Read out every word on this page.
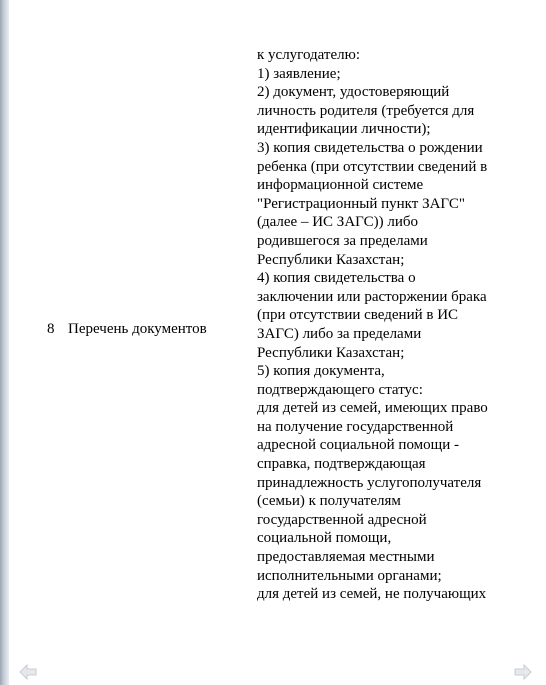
8 Перечень документов
к услугодателю:
1) заявление;
2) документ, удостоверяющий
личность родителя (требуется для
идентификации личности);
3) копия свидетельства о рождении
ребенка (при отсутствии сведений в
информационной системе
"Регистрационный пункт ЗАГС"
(далее – ИС ЗАГС)) либо
родившегося за пределами
Республики Казахстан;
4) копия свидетельства о
заключении или расторжении брака
(при отсутствии сведений в ИС
ЗАГС) либо за пределами
Республики Казахстан;
5) копия документа,
подтверждающего статус:
для детей из семей, имеющих право
на получение государственной
адресной социальной помощи -
справка, подтверждающая
принадлежность услугополучателя
(семьи) к получателям
государственной адресной
социальной помощи,
предоставляемая местными
исполнительными органами;
для детей из семей, не получающих
